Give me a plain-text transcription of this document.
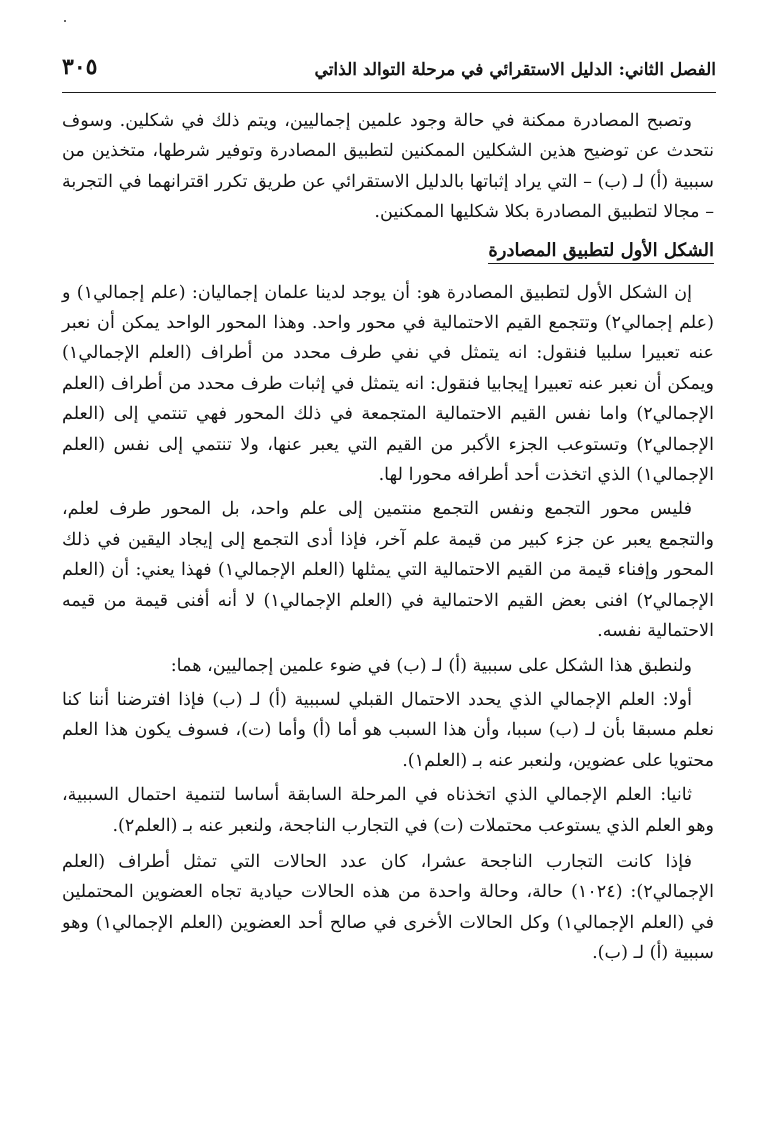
الفصل الثاني: الدليل الاستقرائي في مرحلة التوالد الذاتي
٣٠٥

وتصبح المصادرة ممكنة في حالة وجود علمين إجماليين، ويتم ذلك في شكلين. وسوف نتحدث عن توضيح هذين الشكلين الممكنين لتطبيق المصادرة وتوفير شرطها، متخذين من سببية (أ) لـ (ب) – التي يراد إثباتها بالدليل الاستقرائي عن طريق تكرر اقترانهما في التجربة – مجالا لتطبيق المصادرة بكلا شكليها الممكنين.

الشكل الأول لتطبيق المصادرة

إن الشكل الأول لتطبيق المصادرة هو: أن يوجد لدينا علمان إجماليان: (علم إجمالي١) و (علم إجمالي٢) وتتجمع القيم الاحتمالية في محور واحد. وهذا المحور الواحد يمكن أن نعبر عنه تعبيرا سلبيا فنقول: انه يتمثل في نفي طرف محدد من أطراف (العلم الإجمالي١) ويمكن أن نعبر عنه تعبيرا إيجابيا فنقول: انه يتمثل في إثبات طرف محدد من أطراف (العلم الإجمالي٢) واما نفس القيم الاحتمالية المتجمعة في ذلك المحور فهي تنتمي إلى (العلم الإجمالي٢) وتستوعب الجزء الأكبر من القيم التي يعبر عنها، ولا تنتمي إلى نفس (العلم الإجمالي١) الذي اتخذت أحد أطرافه محورا لها.

فليس محور التجمع ونفس التجمع منتمين إلى علم واحد، بل المحور طرف لعلم، والتجمع يعبر عن جزء كبير من قيمة علم آخر، فإذا أدى التجمع إلى إيجاد اليقين في ذلك المحور وإفناء قيمة من القيم الاحتمالية التي يمثلها (العلم الإجمالي١) فهذا يعني: أن (العلم الإجمالي٢) افنى بعض القيم الاحتمالية في (العلم الإجمالي١) لا أنه أفنى قيمة من قيمه الاحتمالية نفسه.

ولنطبق هذا الشكل على سببية (أ) لـ (ب) في ضوء علمين إجماليين، هما:

أولا: العلم الإجمالي الذي يحدد الاحتمال القبلي لسببية (أ) لـ (ب) فإذا افترضنا أننا كنا نعلم مسبقا بأن لـ (ب) سببا، وأن هذا السبب هو أما (أ) وأما (ت)، فسوف يكون هذا العلم محتويا على عضوين، ولنعبر عنه بـ (العلم١).

ثانيا: العلم الإجمالي الذي اتخذناه في المرحلة السابقة أساسا لتنمية احتمال السببية، وهو العلم الذي يستوعب محتملات (ت) في التجارب الناجحة، ولنعبر عنه بـ (العلم٢).

فإذا كانت التجارب الناجحة عشرا، كان عدد الحالات التي تمثل أطراف (العلم الإجمالي٢): (١٠٢٤) حالة، وحالة واحدة من هذه الحالات حيادية تجاه العضوين المحتملين في (العلم الإجمالي١) وكل الحالات الأخرى في صالح أحد العضوين (العلم الإجمالي١) وهو سببية (أ) لـ (ب).
